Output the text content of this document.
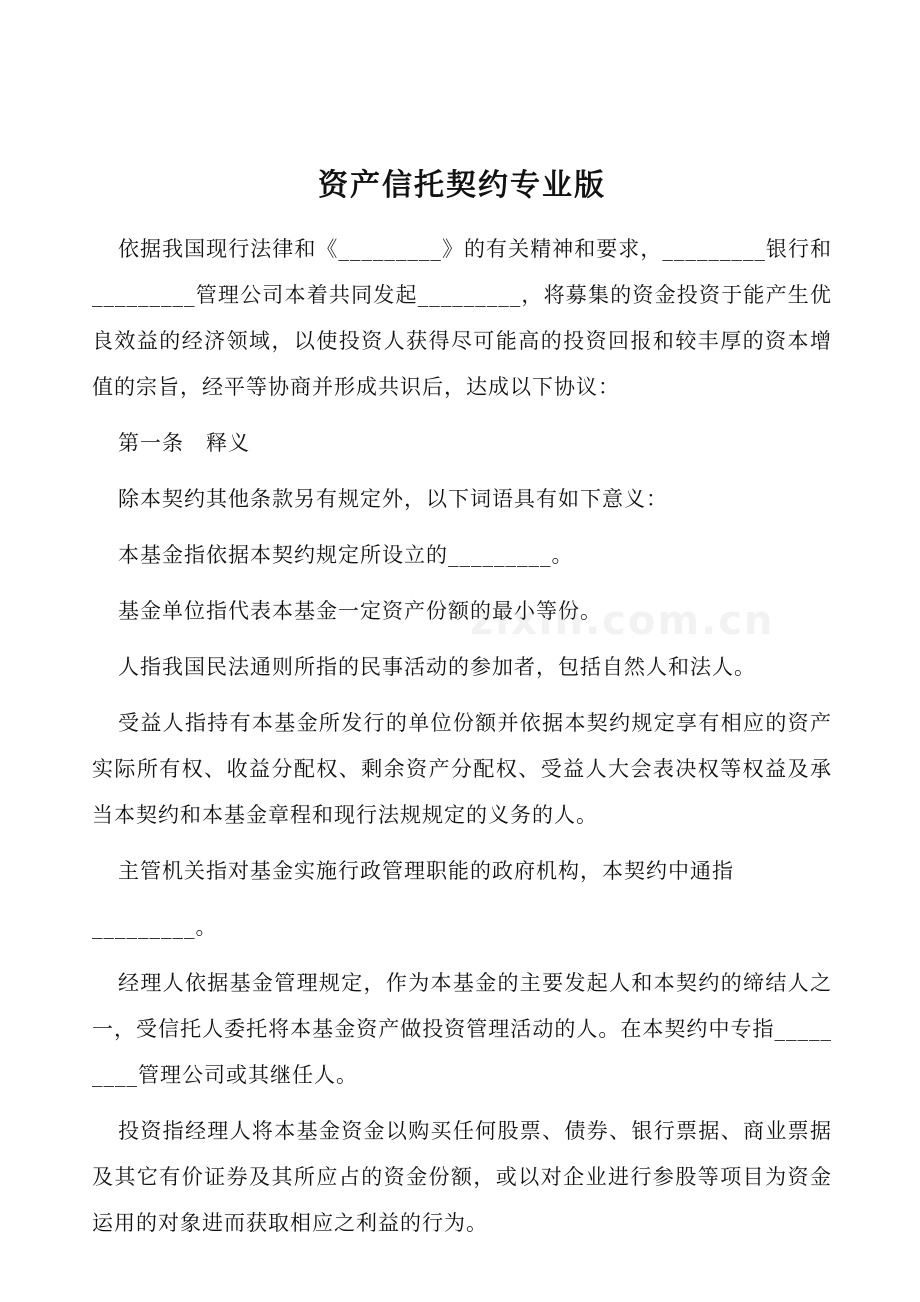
资产信托契约专业版

依据我国现行法律和《_________》的有关精神和要求，_________银行和_________管理公司本着共同发起_________，将募集的资金投资于能产生优良效益的经济领域，以使投资人获得尽可能高的投资回报和较丰厚的资本增值的宗旨，经平等协商并形成共识后，达成以下协议：

第一条　释义

除本契约其他条款另有规定外，以下词语具有如下意义：

本基金指依据本契约规定所设立的_________。

基金单位指代表本基金一定资产份额的最小等份。

人指我国民法通则所指的民事活动的参加者，包括自然人和法人。

受益人指持有本基金所发行的单位份额并依据本契约规定享有相应的资产实际所有权、收益分配权、剩余资产分配权、受益人大会表决权等权益及承当本契约和本基金章程和现行法规规定的义务的人。

主管机关指对基金实施行政管理职能的政府机构，本契约中通指

_________。

经理人依据基金管理规定，作为本基金的主要发起人和本契约的缔结人之一，受信托人委托将本基金资产做投资管理活动的人。在本契约中专指_________管理公司或其继任人。

投资指经理人将本基金资金以购买任何股票、债券、银行票据、商业票据及其它有价证券及其所应占的资金份额，或以对企业进行参股等项目为资金运用的对象进而获取相应之利益的行为。

zixin.com.cn
